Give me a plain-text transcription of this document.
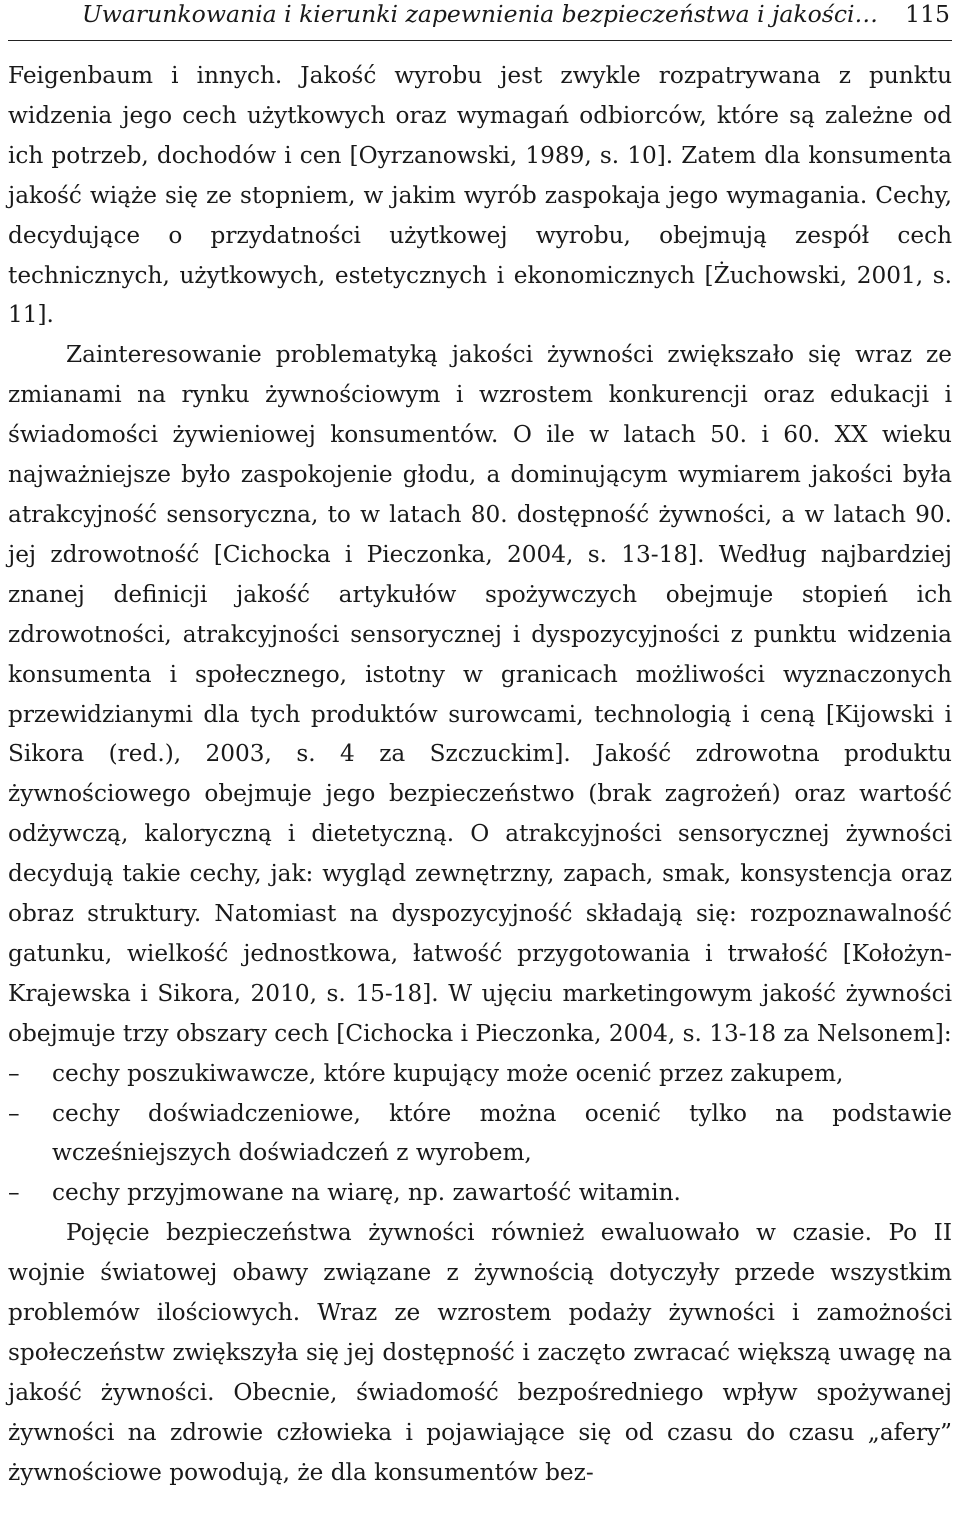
Uwarunkowania i kierunki zapewnienia bezpieczeństwa i jakości… 115

Feigenbaum i innych. Jakość wyrobu jest zwykle rozpatrywana z punktu widzenia jego cech użytkowych oraz wymagań odbiorców, które są zależne od ich potrzeb, dochodów i cen [Oyrzanowski, 1989, s. 10]. Zatem dla konsumenta jakość wiąże się ze stopniem, w jakim wyrób zaspokaja jego wymagania. Cechy, decydujące o przydatności użytkowej wyrobu, obejmują zespół cech technicznych, użytkowych, estetycznych i ekonomicznych [Żuchowski, 2001, s. 11].

Zainteresowanie problematyką jakości żywności zwiększało się wraz ze zmianami na rynku żywnościowym i wzrostem konkurencji oraz edukacji i świadomości żywieniowej konsumentów. O ile w latach 50. i 60. XX wieku najważniejsze było zaspokojenie głodu, a dominującym wymiarem jakości była atrakcyjność sensoryczna, to w latach 80. dostępność żywności, a w latach 90. jej zdrowotność [Cichocka i Pieczonka, 2004, s. 13-18]. Według najbardziej znanej definicji jakość artykułów spożywczych obejmuje stopień ich zdrowotności, atrakcyjności sensorycznej i dyspozycyjności z punktu widzenia konsumenta i społecznego, istotny w granicach możliwości wyznaczonych przewidzianymi dla tych produktów surowcami, technologią i ceną [Kijowski i Sikora (red.), 2003, s. 4 za Szczuckim]. Jakość zdrowotna produktu żywnościowego obejmuje jego bezpieczeństwo (brak zagrożeń) oraz wartość odżywczą, kaloryczną i dietetyczną. O atrakcyjności sensorycznej żywności decydują takie cechy, jak: wygląd zewnętrzny, zapach, smak, konsystencja oraz obraz struktury. Natomiast na dyspozycyjność składają się: rozpoznawalność gatunku, wielkość jednostkowa, łatwość przygotowania i trwałość [Kołożyn-Krajewska i Sikora, 2010, s. 15-18]. W ujęciu marketingowym jakość żywności obejmuje trzy obszary cech [Cichocka i Pieczonka, 2004, s. 13-18 za Nelsonem]:

– cechy poszukiwawcze, które kupujący może ocenić przez zakupem,
– cechy doświadczeniowe, które można ocenić tylko na podstawie wcześniejszych doświadczeń z wyrobem,
– cechy przyjmowane na wiarę, np. zawartość witamin.

Pojęcie bezpieczeństwa żywności również ewaluowało w czasie. Po II wojnie światowej obawy związane z żywnością dotyczyły przede wszystkim problemów ilościowych. Wraz ze wzrostem podaży żywności i zamożności społeczeństw zwiększyła się jej dostępność i zaczęto zwracać większą uwagę na jakość żywności. Obecnie, świadomość bezpośredniego wpływ spożywanej żywności na zdrowie człowieka i pojawiające się od czasu do czasu „afery” żywnościowe powodują, że dla konsumentów bez-
